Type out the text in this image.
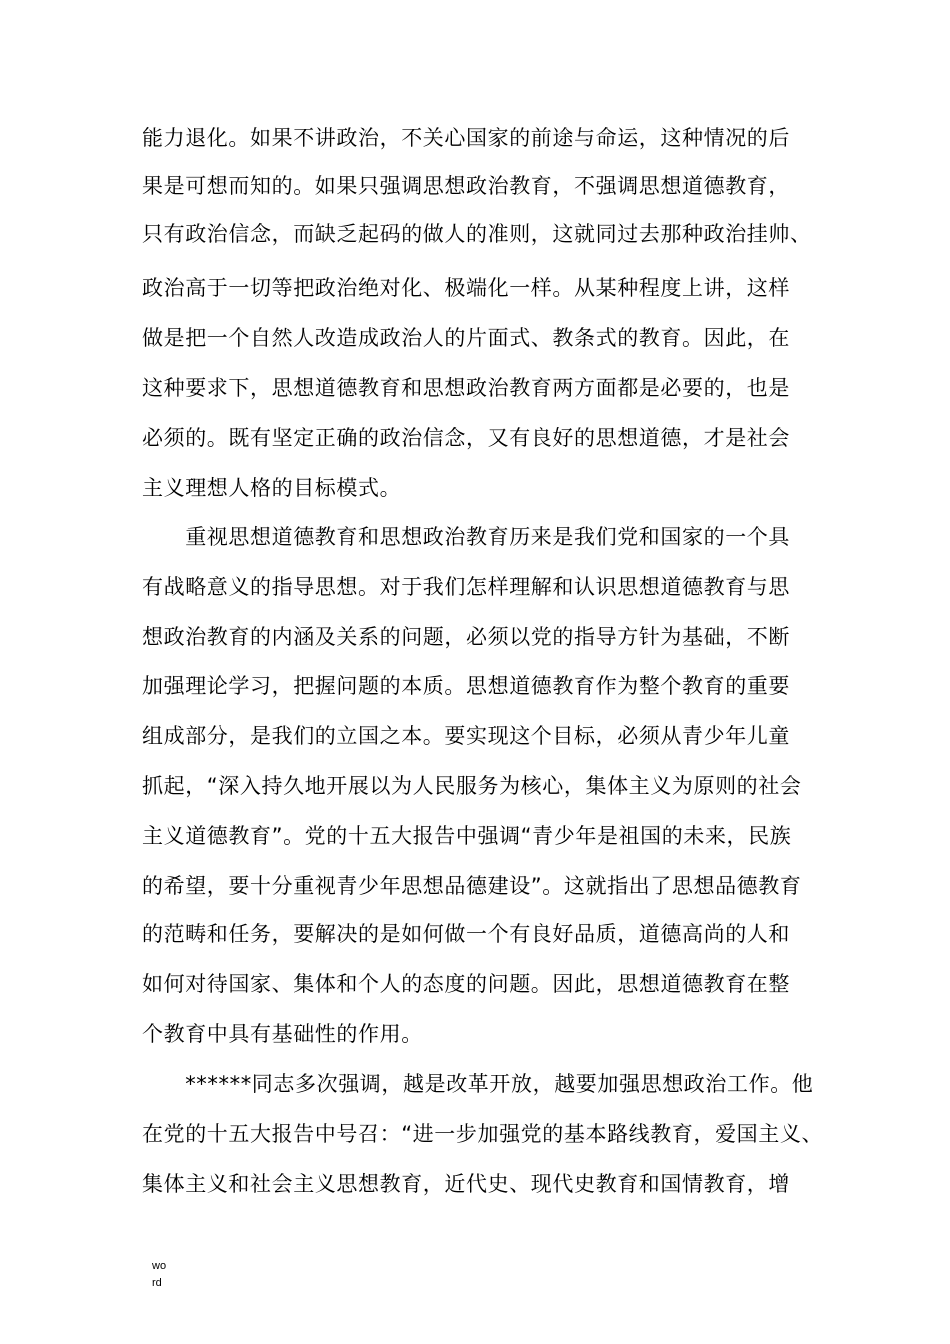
能力退化。如果不讲政治，不关心国家的前途与命运，这种情况的后
果是可想而知的。如果只强调思想政治教育，不强调思想道德教育，
只有政治信念，而缺乏起码的做人的准则，这就同过去那种政治挂帅、
政治高于一切等把政治绝对化、极端化一样。从某种程度上讲，这样
做是把一个自然人改造成政治人的片面式、教条式的教育。因此，在
这种要求下，思想道德教育和思想政治教育两方面都是必要的，也是
必须的。既有坚定正确的政治信念，又有良好的思想道德，才是社会
主义理想人格的目标模式。
　　重视思想道德教育和思想政治教育历来是我们党和国家的一个具
有战略意义的指导思想。对于我们怎样理解和认识思想道德教育与思
想政治教育的内涵及关系的问题，必须以党的指导方针为基础，不断
加强理论学习，把握问题的本质。思想道德教育作为整个教育的重要
组成部分，是我们的立国之本。要实现这个目标，必须从青少年儿童
抓起，“深入持久地开展以为人民服务为核心，集体主义为原则的社会
主义道德教育”。党的十五大报告中强调“青少年是祖国的未来，民族
的希望，要十分重视青少年思想品德建设”。这就指出了思想品德教育
的范畴和任务，要解决的是如何做一个有良好品质，道德高尚的人和
如何对待国家、集体和个人的态度的问题。因此，思想道德教育在整
个教育中具有基础性的作用。
　　******同志多次强调，越是改革开放，越要加强思想政治工作。他
在党的十五大报告中号召：“进一步加强党的基本路线教育，爱国主义、
集体主义和社会主义思想教育，近代史、现代史教育和国情教育，增
wo
rd
